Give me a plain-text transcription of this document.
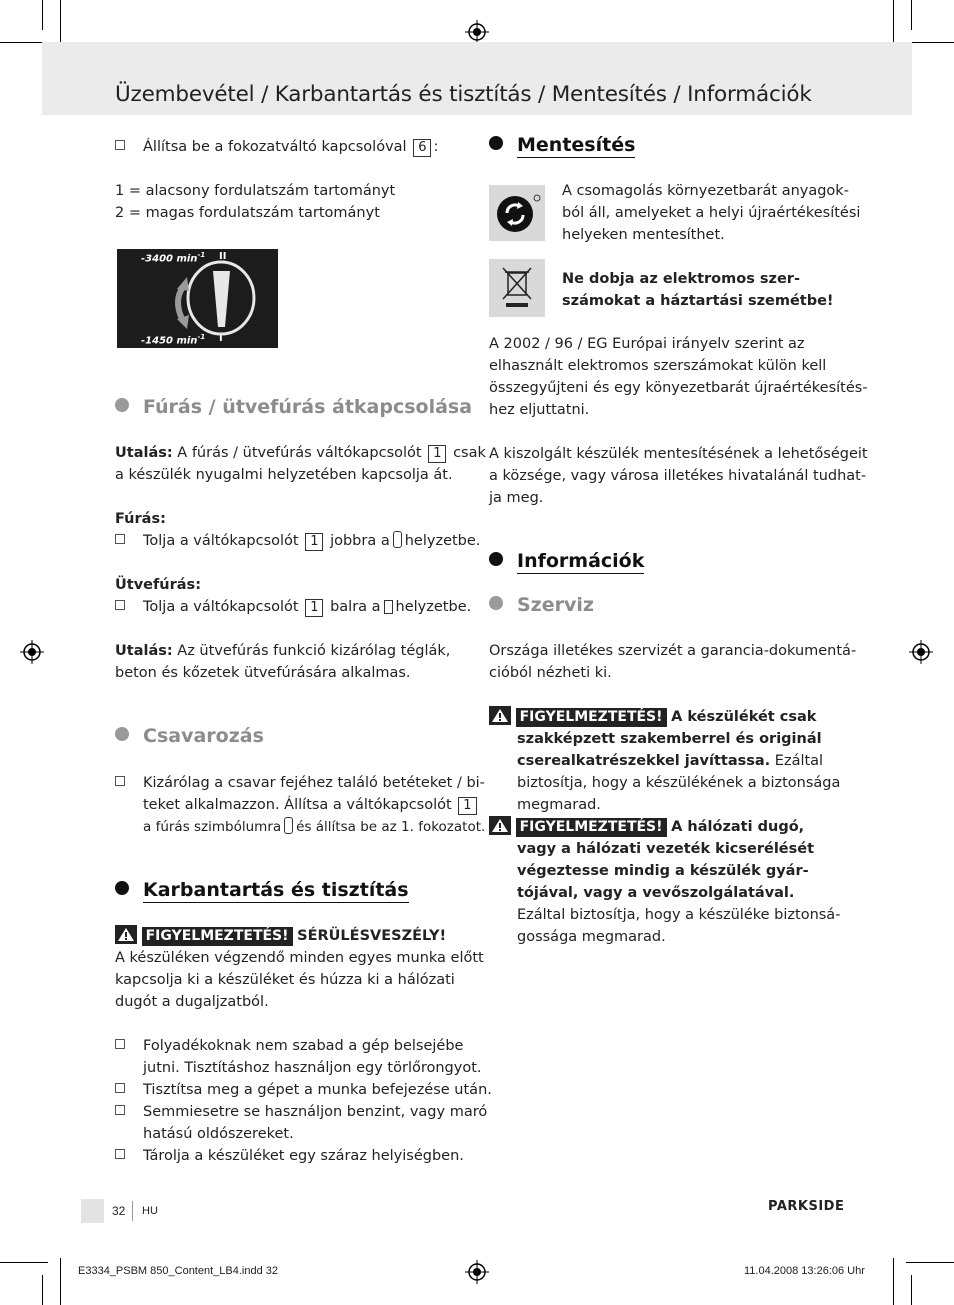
Üzembevétel / Karbantartás és tisztítás / Mentesítés / Információk
Állítsa be a fokozatváltó kapcsolóval 6 :
1 = alacsony fordulatszám tartományt
2 = magas fordulatszám tartományt
-3400 $\min^{-1}$
-1450 $\min^{-1}$
II
I
Fúrás / ütvefúrás átkapcsolása
Utalás: A fúrás / ütvefúrás váltókapcsolót 1 csak
a készülék nyugalmi helyzetében kapcsolja át.
Fúrás:
Tolja a váltókapcsolót 1 jobbra a helyzetbe.
Ütvefúrás:
Tolja a váltókapcsolót 1 balra a helyzetbe.
Utalás: Az ütvefúrás funkció kizárólag téglák,
beton és kőzetek ütvefúrására alkalmas.
Csavarozás
Kizárólag a csavar fejéhez találó betéteket / bi-
teket alkalmazzon. Állítsa a váltókapcsolót 1
a fúrás szimbólumra és állítsa be az 1. fokozatot.
Karbantartás és tisztítás
FIGYELMEZTETÉS! SÉRÜLÉSVESZÉLY!
A készüléken végzendő minden egyes munka előtt
kapcsolja ki a készüléket és húzza ki a hálózati
dugót a dugaljzatból.
Folyadékoknak nem szabad a gép belsejébe
jutni. Tisztításhoz használjon egy törlőrongyot.
Tisztítsa meg a gépet a munka befejezése után.
Semmiesetre se használjon benzint, vagy maró
hatású oldószereket.
Tárolja a készüléket egy száraz helyiségben.
Mentesítés
A csomagolás környezetbarát anyagok-
ból áll, amelyeket a helyi újraértékesítési
helyeken mentesíthet.
Ne dobja az elektromos szer-
számokat a háztartási szemétbe!
A 2002 / 96 / EG Európai irányelv szerint az
elhasznált elektromos szerszámokat külön kell
összegyűjteni és egy könyezetbarát újraértékesítés-
hez eljuttatni.
A kiszolgált készülék mentesítésének a lehetőségeit
a községe, vagy városa illetékes hivatalánál tudhat-
ja meg.
Információk
Szerviz
Országa illetékes szervizét a garancia-dokumentá-
cióból nézheti ki.
FIGYELMEZTETÉS! A készülékét csak
szakképzett szakemberrel és originál
cserealkatrészekkel javíttassa. Ezáltal
biztosítja, hogy a készülékének a biztonsága
megmarad.
FIGYELMEZTETÉS! A hálózati dugó,
vagy a hálózati vezeték kicserélését
végeztesse mindig a készülék gyár-
tójával, vagy a vevőszolgálatával.
Ezáltal biztosítja, hogy a készüléke biztonsá-
gossága megmarad.
32 HU	PARKSIDE
E3334_PSBM 850_Content_LB4.indd 32	11.04.2008 13:26:06 Uhr
